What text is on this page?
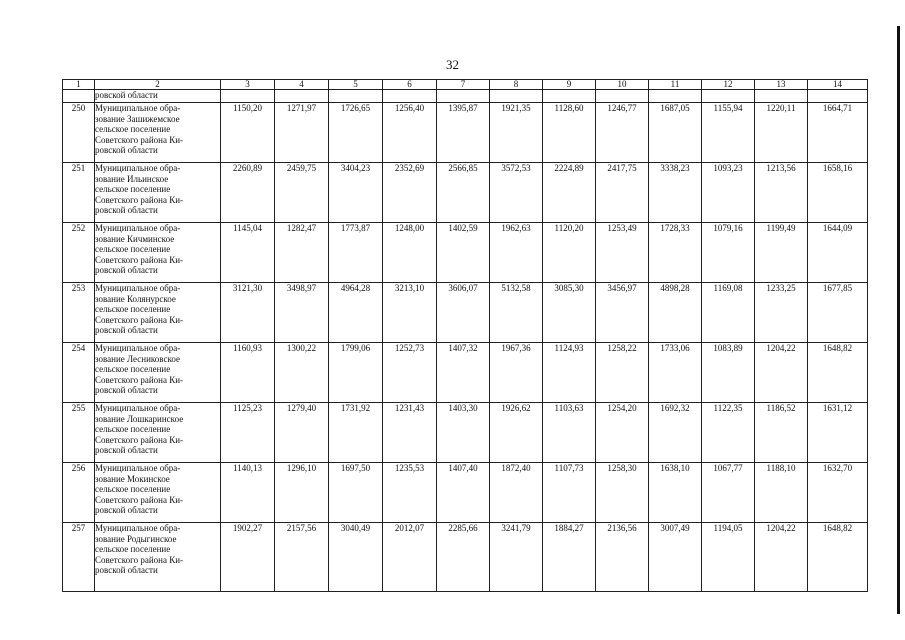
32
1	2	3	4	5	6	7	8	9	10	11	12	13	14
	ровской области												
250	Муниципальное обра-
зование Зашижемское
сельское поселение
Советского района Ки-
ровской области	1150,20	1271,97	1726,65	1256,40	1395,87	1921,35	1128,60	1246,77	1687,05	1155,94	1220,11	1664,71
251	Муниципальное обра-
зование Ильинское
сельское поселение
Советского района Ки-
ровской области	2260,89	2459,75	3404,23	2352,69	2566,85	3572,53	2224,89	2417,75	3338,23	1093,23	1213,56	1658,16
252	Муниципальное обра-
зование Кичминское
сельское поселение
Советского района Ки-
ровской области	1145,04	1282,47	1773,87	1248,00	1402,59	1962,63	1120,20	1253,49	1728,33	1079,16	1199,49	1644,09
253	Муниципальное обра-
зование Колянурское
сельское поселение
Советского района Ки-
ровской области	3121,30	3498,97	4964,28	3213,10	3606,07	5132,58	3085,30	3456,97	4898,28	1169,08	1233,25	1677,85
254	Муниципальное обра-
зование Лесниковское
сельское поселение
Советского района Ки-
ровской области	1160,93	1300,22	1799,06	1252,73	1407,32	1967,36	1124,93	1258,22	1733,06	1083,89	1204,22	1648,82
255	Муниципальное обра-
зование Лошкаринское
сельское поселение
Советского района Ки-
ровской области	1125,23	1279,40	1731,92	1231,43	1403,30	1926,62	1103,63	1254,20	1692,32	1122,35	1186,52	1631,12
256	Муниципальное обра-
зование Мокинское
сельское поселение
Советского района Ки-
ровской области	1140,13	1296,10	1697,50	1235,53	1407,40	1872,40	1107,73	1258,30	1638,10	1067,77	1188,10	1632,70
257	Муниципальное обра-
зование Родыгинское
сельское поселение
Советского района Ки-
ровской области	1902,27	2157,56	3040,49	2012,07	2285,66	3241,79	1884,27	2136,56	3007,49	1194,05	1204,22	1648,82
